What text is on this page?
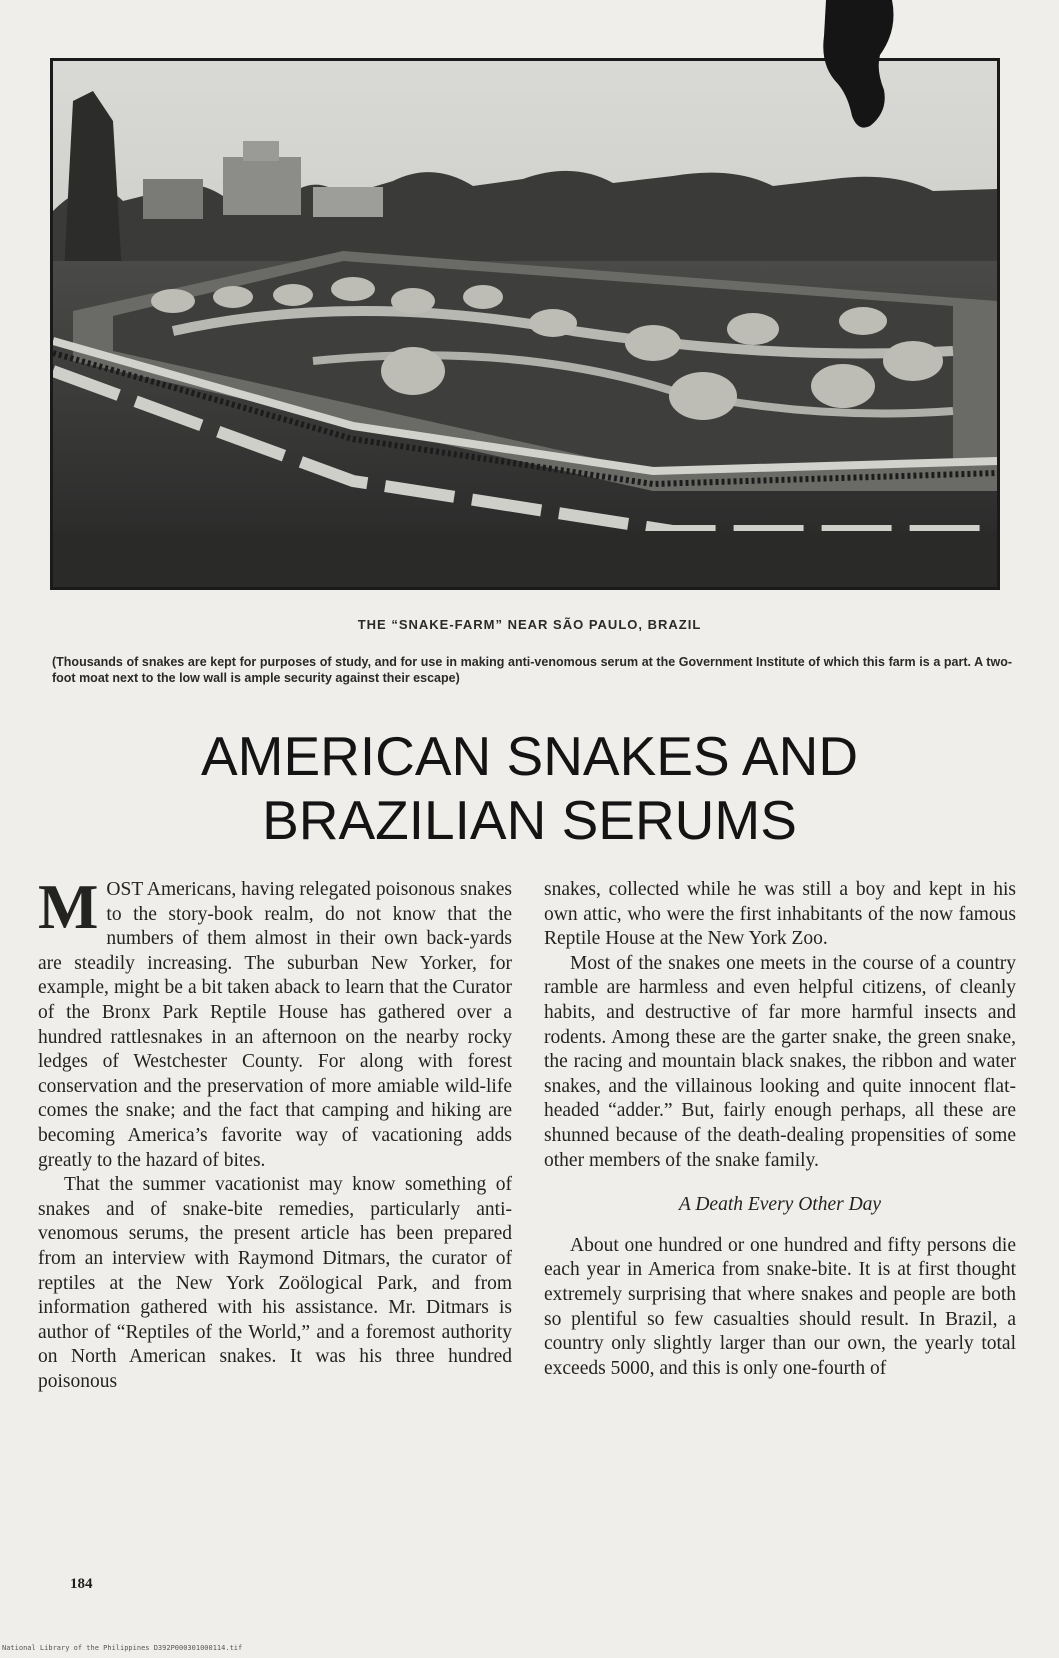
THE “SNAKE-FARM” NEAR SÃO PAULO, BRAZIL
(Thousands of snakes are kept for purposes of study, and for use in making anti-venomous serum at the Government Institute of which this farm is a part. A two-foot moat next to the low wall is ample security against their escape)
AMERICAN SNAKES AND
BRAZILIAN SERUMS

MOST Americans, having relegated poisonous snakes to the story-book realm, do not know that the numbers of them almost in their own back-yards are steadily increasing. The suburban New Yorker, for example, might be a bit taken aback to learn that the Curator of the Bronx Park Reptile House has gathered over a hundred rattlesnakes in an afternoon on the nearby rocky ledges of Westchester County. For along with forest conservation and the preservation of more amiable wild-life comes the snake; and the fact that camping and hiking are becoming America’s favorite way of vacationing adds greatly to the hazard of bites.

That the summer vacationist may know something of snakes and of snake-bite remedies, particularly anti-venomous serums, the present article has been prepared from an interview with Raymond Ditmars, the curator of reptiles at the New York Zoölogical Park, and from information gathered with his assistance. Mr. Ditmars is author of “Reptiles of the World,” and a foremost authority on North American snakes. It was his three hundred poisonous

snakes, collected while he was still a boy and kept in his own attic, who were the first inhabitants of the now famous Reptile House at the New York Zoo.

Most of the snakes one meets in the course of a country ramble are harmless and even helpful citizens, of cleanly habits, and destructive of far more harmful insects and rodents. Among these are the garter snake, the green snake, the racing and mountain black snakes, the ribbon and water snakes, and the villainous looking and quite innocent flat-headed “adder.” But, fairly enough perhaps, all these are shunned because of the death-dealing propensities of some other members of the snake family.

A Death Every Other Day

About one hundred or one hundred and fifty persons die each year in America from snake-bite. It is at first thought extremely surprising that where snakes and people are both so plentiful so few casualties should result. In Brazil, a country only slightly larger than our own, the yearly total exceeds 5000, and this is only one-fourth of

184
National Library of the Philippines D392P000301000114.tif
